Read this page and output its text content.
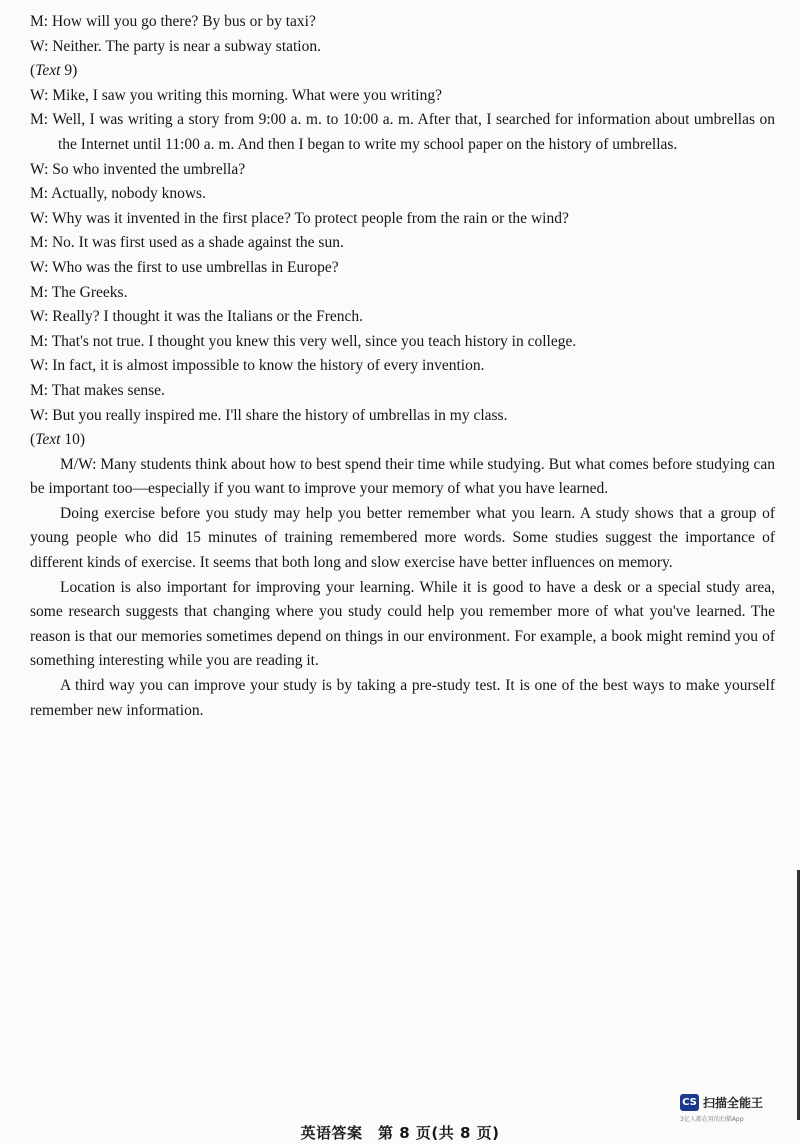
M: How will you go there? By bus or by taxi?
W: Neither. The party is near a subway station.
(Text 9)
W: Mike, I saw you writing this morning. What were you writing?
M: Well, I was writing a story from 9:00 a. m. to 10:00 a. m. After that, I searched for information about umbrellas on the Internet until 11:00 a. m. And then I began to write my school paper on the history of umbrellas.
W: So who invented the umbrella?
M: Actually, nobody knows.
W: Why was it invented in the first place? To protect people from the rain or the wind?
M: No. It was first used as a shade against the sun.
W: Who was the first to use umbrellas in Europe?
M: The Greeks.
W: Really? I thought it was the Italians or the French.
M: That's not true. I thought you knew this very well, since you teach history in college.
W: In fact, it is almost impossible to know the history of every invention.
M: That makes sense.
W: But you really inspired me. I'll share the history of umbrellas in my class.
(Text 10)
M/W: Many students think about how to best spend their time while studying. But what comes before studying can be important too—especially if you want to improve your memory of what you have learned.
Doing exercise before you study may help you better remember what you learn. A study shows that a group of young people who did 15 minutes of training remembered more words. Some studies suggest the importance of different kinds of exercise. It seems that both long and slow exercise have better influences on memory.
Location is also important for improving your learning. While it is good to have a desk or a special study area, some research suggests that changing where you study could help you remember more of what you've learned. The reason is that our memories sometimes depend on things in our environment. For example, a book might remind you of something interesting while you are reading it.
A third way you can improve your study is by taking a pre-study test. It is one of the best ways to make yourself remember new information.
英语答案　第 8 页(共 8 页)
CS 扫描全能王
3亿人都在用的扫描App
